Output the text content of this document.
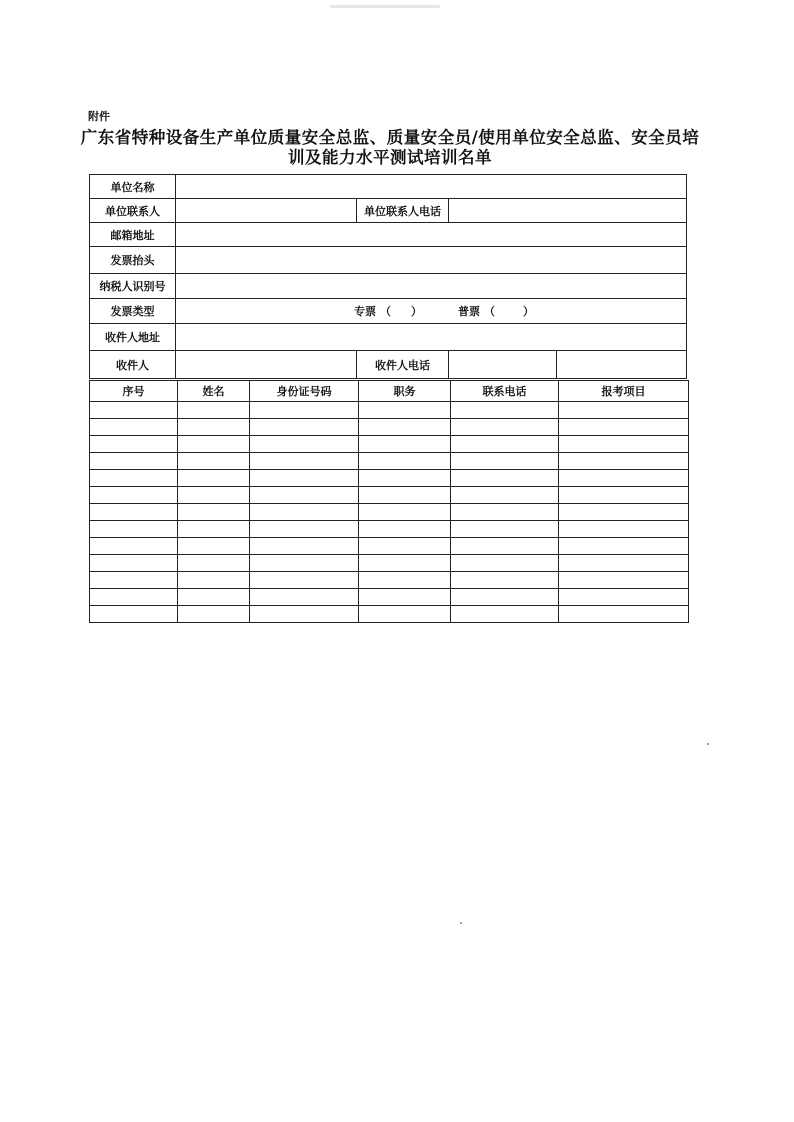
附件
广东省特种设备生产单位质量安全总监、质量安全员/使用单位安全总监、安全员培
训及能力水平测试培训名单
单位名称
单位联系人	单位联系人电话
邮箱地址
发票抬头
纳税人识别号
发票类型	专票 （ ）	普票 （	）
收件人地址
收件人	收件人电话
序号	姓名	身份证号码	职务	联系电话	报考项目
